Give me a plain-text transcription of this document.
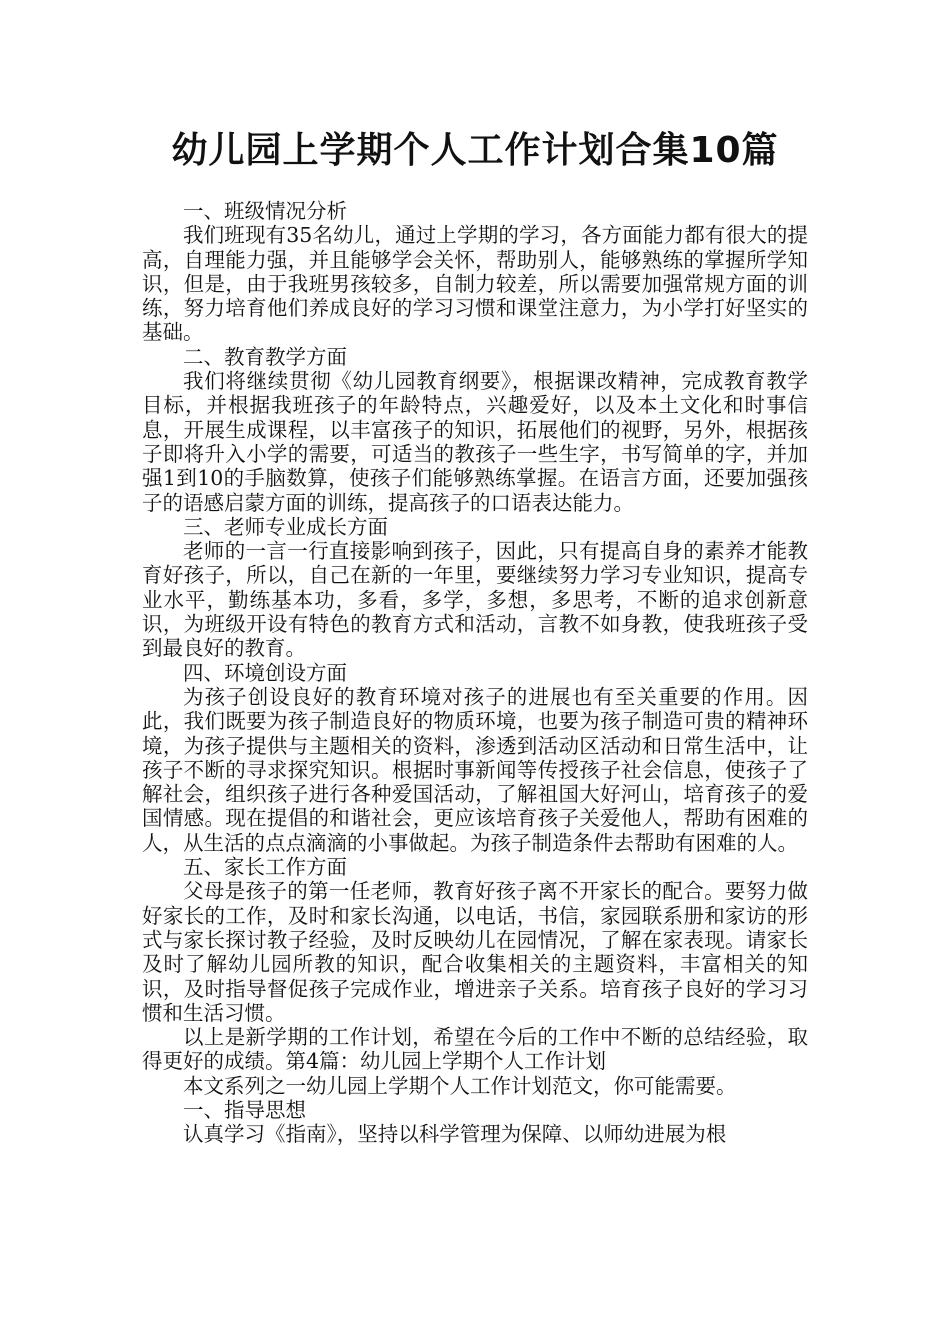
幼儿园上学期个人工作计划合集10篇

一、班级情况分析

我们班现有35名幼儿，通过上学期的学习，各方面能力都有很大的提高，自理能力强，并且能够学会关怀，帮助别人，能够熟练的掌握所学知识，但是，由于我班男孩较多，自制力较差，所以需要加强常规方面的训练，努力培育他们养成良好的学习习惯和课堂注意力，为小学打好坚实的基础。

二、教育教学方面

我们将继续贯彻《幼儿园教育纲要》，根据课改精神，完成教育教学目标，并根据我班孩子的年龄特点，兴趣爱好，以及本土文化和时事信息，开展生成课程，以丰富孩子的知识，拓展他们的视野，另外，根据孩子即将升入小学的需要，可适当的教孩子一些生字，书写简单的字，并加强1到10的手脑数算，使孩子们能够熟练掌握。在语言方面，还要加强孩子的语感启蒙方面的训练，提高孩子的口语表达能力。

三、老师专业成长方面

老师的一言一行直接影响到孩子，因此，只有提高自身的素养才能教育好孩子，所以，自己在新的一年里，要继续努力学习专业知识，提高专业水平，勤练基本功，多看，多学，多想，多思考，不断的追求创新意识，为班级开设有特色的教育方式和活动，言教不如身教，使我班孩子受到最良好的教育。

四、环境创设方面

为孩子创设良好的教育环境对孩子的进展也有至关重要的作用。因此，我们既要为孩子制造良好的物质环境，也要为孩子制造可贵的精神环境，为孩子提供与主题相关的资料，渗透到活动区活动和日常生活中，让孩子不断的寻求探究知识。根据时事新闻等传授孩子社会信息，使孩子了解社会，组织孩子进行各种爱国活动，了解祖国大好河山，培育孩子的爱国情感。现在提倡的和谐社会，更应该培育孩子关爱他人，帮助有困难的人，从生活的点点滴滴的小事做起。为孩子制造条件去帮助有困难的人。

五、家长工作方面

父母是孩子的第一任老师，教育好孩子离不开家长的配合。要努力做好家长的工作，及时和家长沟通，以电话，书信，家园联系册和家访的形式与家长探讨教子经验，及时反映幼儿在园情况，了解在家表现。请家长及时了解幼儿园所教的知识，配合收集相关的主题资料，丰富相关的知识，及时指导督促孩子完成作业，增进亲子关系。培育孩子良好的学习习惯和生活习惯。

以上是新学期的工作计划，希望在今后的工作中不断的总结经验，取得更好的成绩。第4篇：幼儿园上学期个人工作计划

本文系列之一幼儿园上学期个人工作计划范文，你可能需要。

一、指导思想

认真学习《指南》，坚持以科学管理为保障、以师幼进展为根
